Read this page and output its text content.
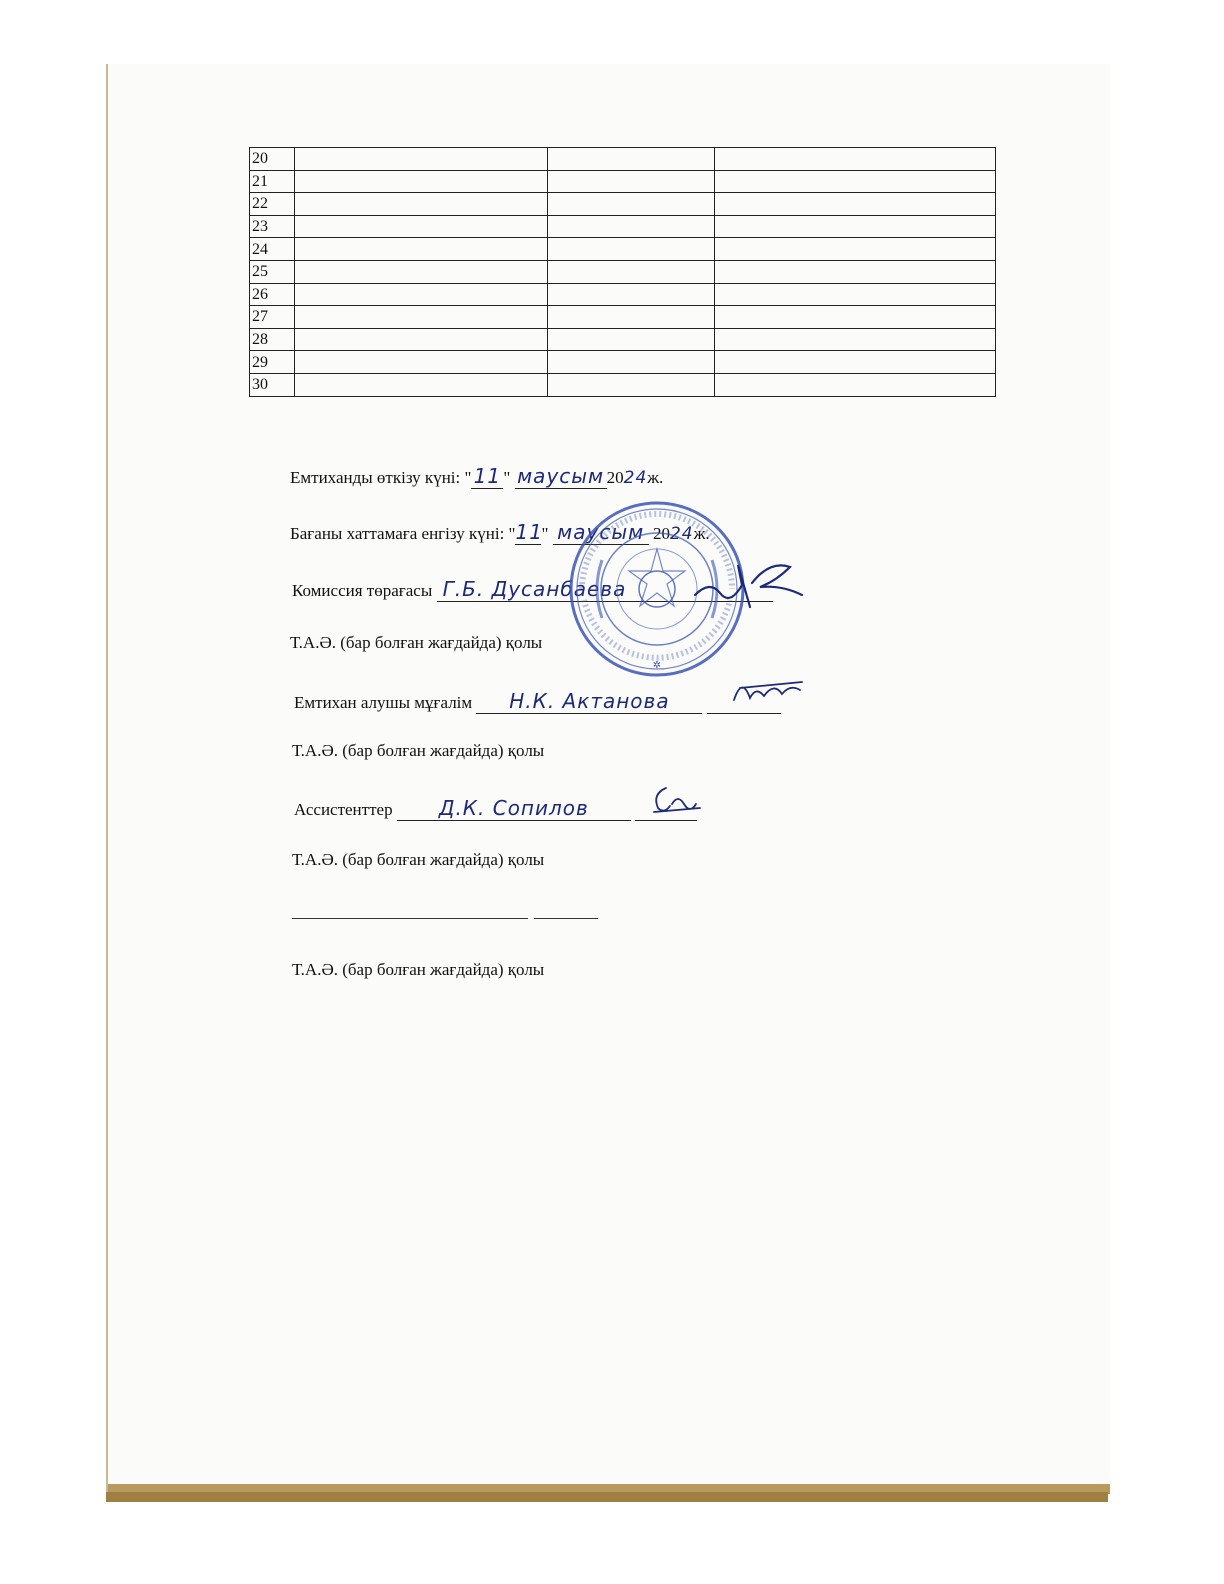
20			
21			
22			
23			
24			
25			
26			
27			
28			
29			
30			
Емтиханды өткізу күні: " 11 " маусым 2024ж.
Бағаны хаттамаға енгізу күні: "11" маусым 2024ж.
Комиссия төрағасы Г.Б. Дусанбаева
Т.А.Ә. (бар болған жағдайда) қолы
Емтихан алушы мұғалім Н.К. Актанова
Т.А.Ә. (бар болған жағдайда) қолы
Ассистенттер Д.К. Сопилов
Т.А.Ә. (бар болған жағдайда) қолы
Т.А.Ә. (бар болған жағдайда) қолы
✲
